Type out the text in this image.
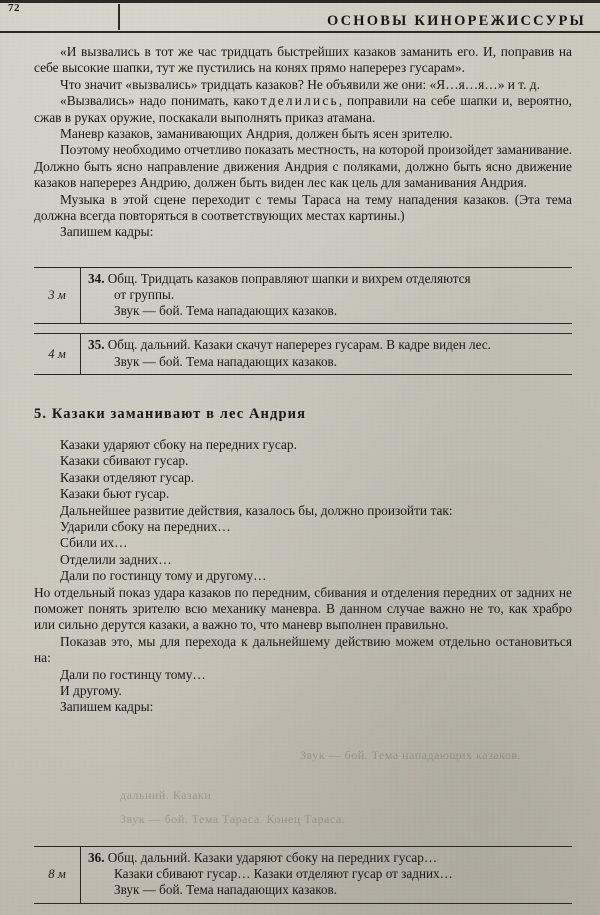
72
ОСНОВЫ КИНОРЕЖИССУРЫ

«И вызвались в тот же час тридцать быстрейших казаков заманить его. И, поправив на себе высокие шапки, тут же пустились на конях прямо наперерез гусарам».

Что значит «вызвались» тридцать казаков? Не объявили же они: «Я…я…я…» и т. д.

«Вызвались» надо понимать, какотделились, поправили на себе шапки и, вероятно, сжав в руках оружие, поскакали выполнять приказ атамана.

Маневр казаков, заманивающих Андрия, должен быть ясен зрителю.

Поэтому необходимо отчетливо показать местность, на которой произойдет заманивание. Должно быть ясно направление движения Андрия с поляками, должно быть ясно движение казаков наперерез Андрию, должен быть виден лес как цель для заманивания Андрия.

Музыка в этой сцене переходит с темы Тараса на тему нападения казаков. (Эта тема должна всегда повторяться в соответствующих местах картины.)

Запишем кадры:

3 м
34. Общ. Тридцать казаков поправляют шапки и вихрем отделяются
от группы.
Звук — бой. Тема нападающих казаков.
4 м
35. Общ. дальний. Казаки скачут наперерез гусарам. В кадре виден лес.
Звук — бой. Тема нападающих казаков.

5. Казаки заманивают в лес Андрия

Казаки ударяют сбоку на передних гусар.
Казаки сбивают гусар.
Казаки отделяют гусар.
Казаки бьют гусар.
Дальнейшее развитие действия, казалось бы, должно произойти так:
Ударили сбоку на передних…
Сбили их…
Отделили задних…
Дали по гостинцу тому и другому…

Но отдельный показ удара казаков по передним, сбивания и отделения передних от задних не поможет понять зрителю всю механику маневра. В данном случае важно не то, как храбро или сильно дерутся казаки, а важно то, что маневр выполнен правильно.

Показав это, мы для перехода к дальнейшему действию можем отдельно остановиться на:

Дали по гостинцу тому…
И другому.
Запишем кадры:
Звук — бой. Тема нападающих казаков.
дальний. Казаки
Звук — бой. Тема Тараса. Конец Тараса.
8 м
36. Общ. дальний. Казаки ударяют сбоку на передних гусар…
Казаки сбивают гусар… Казаки отделяют гусар от задних…
Звук — бой. Тема нападающих казаков.
